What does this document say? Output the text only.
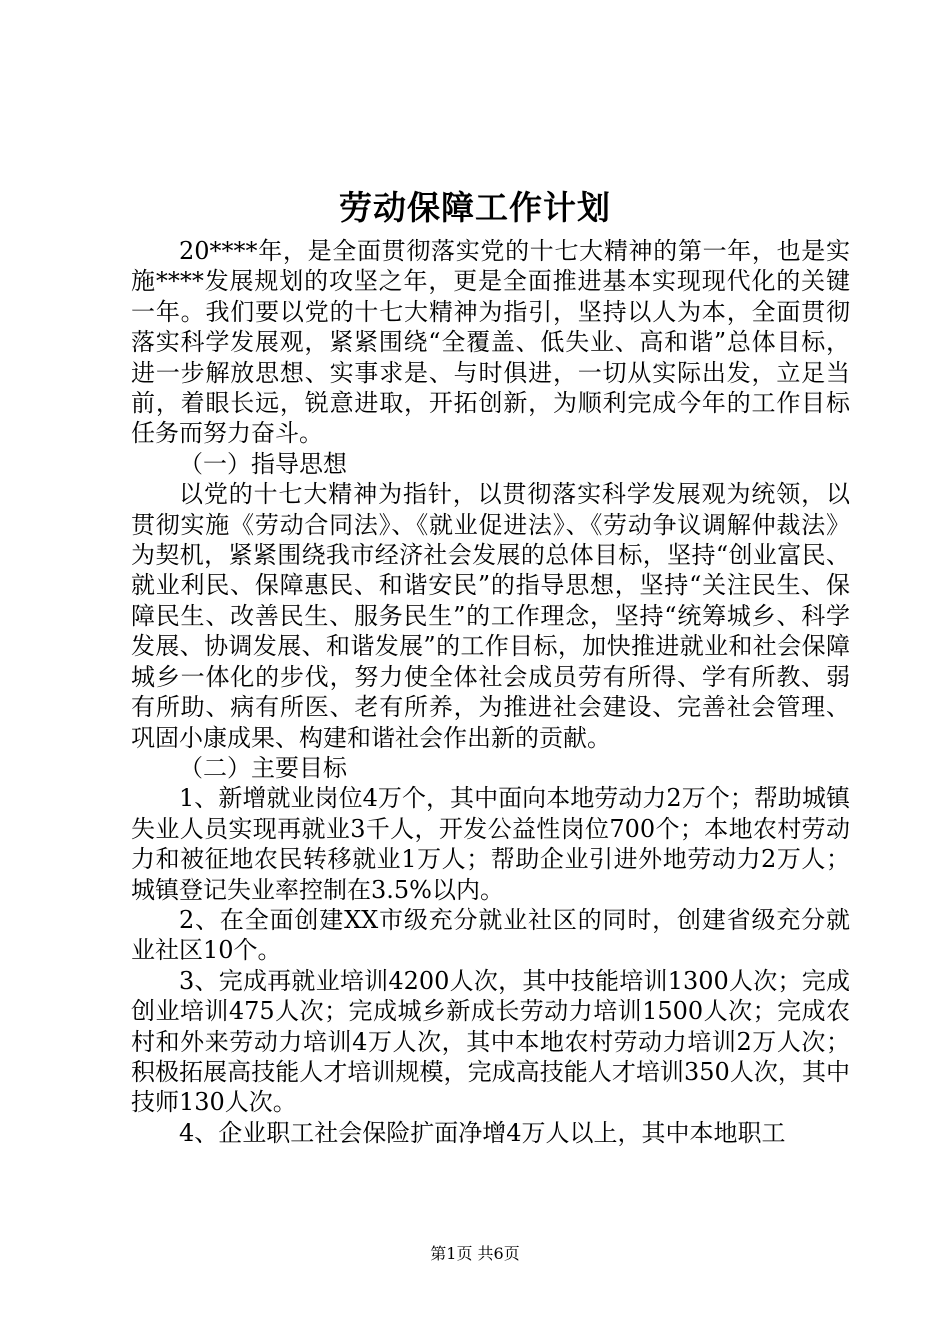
劳动保障工作计划

20****年，是全面贯彻落实党的十七大精神的第一年，也是实施****发展规划的攻坚之年，更是全面推进基本实现现代化的关键一年。我们要以党的十七大精神为指引，坚持以人为本，全面贯彻落实科学发展观，紧紧围绕“全覆盖、低失业、高和谐”总体目标，进一步解放思想、实事求是、与时俱进，一切从实际出发，立足当前，着眼长远，锐意进取，开拓创新，为顺利完成今年的工作目标任务而努力奋斗。

（一）指导思想

以党的十七大精神为指针，以贯彻落实科学发展观为统领，以贯彻实施《劳动合同法》、《就业促进法》、《劳动争议调解仲裁法》为契机，紧紧围绕我市经济社会发展的总体目标，坚持“创业富民、就业利民、保障惠民、和谐安民”的指导思想，坚持“关注民生、保障民生、改善民生、服务民生”的工作理念，坚持“统筹城乡、科学发展、协调发展、和谐发展”的工作目标，加快推进就业和社会保障城乡一体化的步伐，努力使全体社会成员劳有所得、学有所教、弱有所助、病有所医、老有所养，为推进社会建设、完善社会管理、巩固小康成果、构建和谐社会作出新的贡献。

（二）主要目标

1、新增就业岗位4万个，其中面向本地劳动力2万个；帮助城镇失业人员实现再就业3千人，开发公益性岗位700个；本地农村劳动力和被征地农民转移就业1万人；帮助企业引进外地劳动力2万人；城镇登记失业率控制在3.5%以内。

2、在全面创建XX市级充分就业社区的同时，创建省级充分就业社区10个。

3、完成再就业培训4200人次，其中技能培训1300人次；完成创业培训475人次；完成城乡新成长劳动力培训1500人次；完成农村和外来劳动力培训4万人次，其中本地农村劳动力培训2万人次；积极拓展高技能人才培训规模，完成高技能人才培训350人次，其中技师130人次。

4、企业职工社会保险扩面净增4万人以上，其中本地职工

第1页 共6页
